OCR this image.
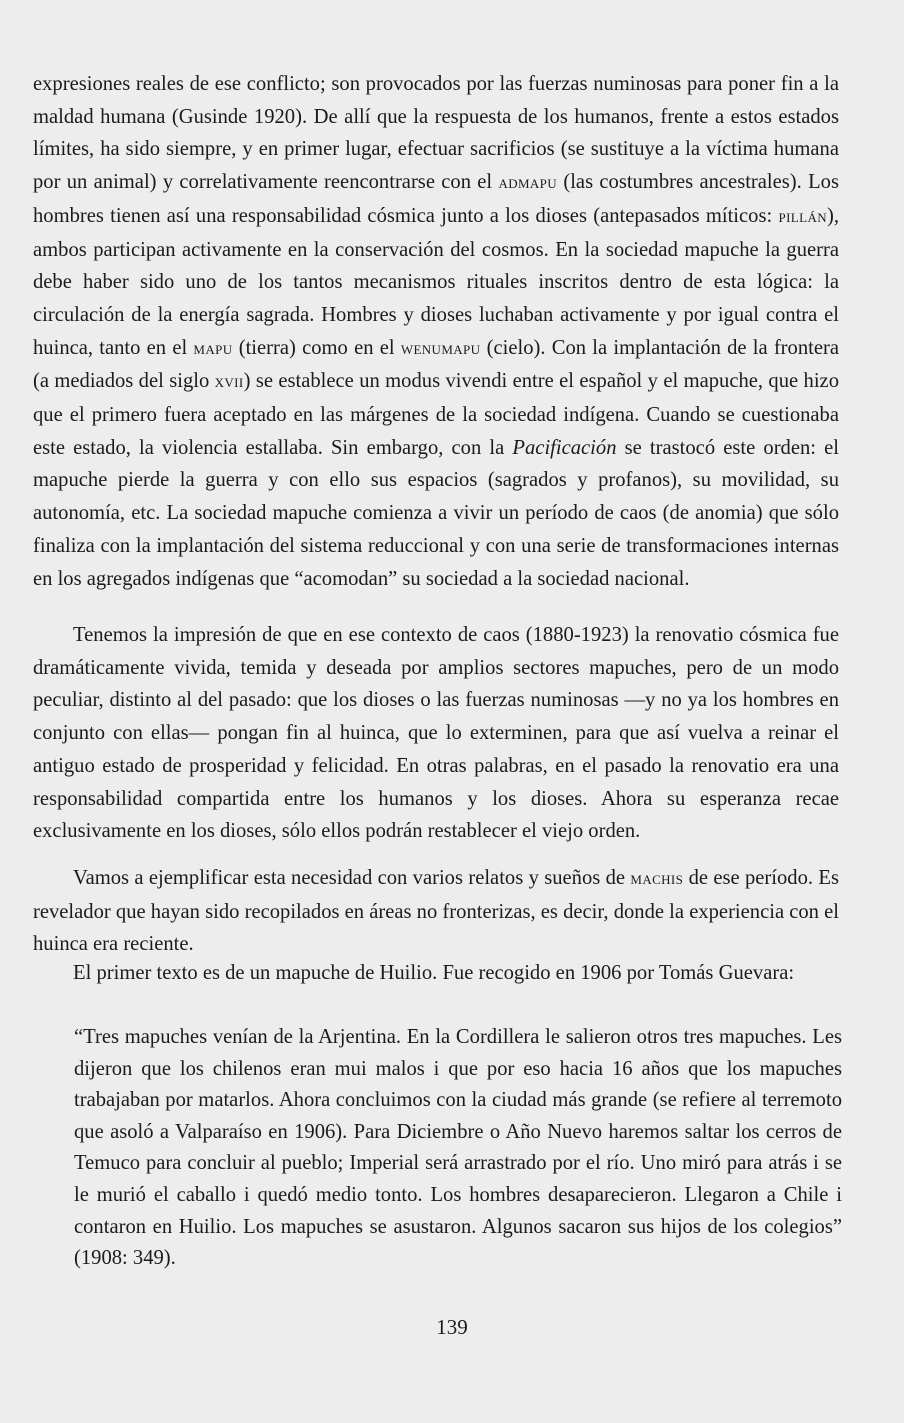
expresiones reales de ese conflicto; son provocados por las fuerzas numinosas para poner fin a la maldad humana (Gusinde 1920). De allí que la respuesta de los humanos, frente a estos estados límites, ha sido siempre, y en primer lugar, efectuar sacrificios (se sustituye a la víctima humana por un animal) y correlativamente reencontrarse con el admapu (las costumbres ancestrales). Los hombres tienen así una responsabilidad cósmica junto a los dioses (antepasados míticos: pillán), ambos participan activamente en la conservación del cosmos. En la sociedad mapuche la guerra debe haber sido uno de los tantos mecanismos rituales inscritos dentro de esta lógica: la circulación de la energía sagrada. Hombres y dioses luchaban activamente y por igual contra el huinca, tanto en el mapu (tierra) como en el wenumapu (cielo). Con la implantación de la frontera (a mediados del siglo xvii) se establece un modus vivendi entre el español y el mapuche, que hizo que el primero fuera aceptado en las márgenes de la sociedad indígena. Cuando se cuestionaba este estado, la violencia estallaba. Sin embargo, con la Pacificación se trastocó este orden: el mapuche pierde la guerra y con ello sus espacios (sagrados y profanos), su movilidad, su autonomía, etc. La sociedad mapuche comienza a vivir un período de caos (de anomia) que sólo finaliza con la implantación del sistema reduccional y con una serie de transformaciones internas en los agregados indígenas que “acomodan” su sociedad a la sociedad nacional.

Tenemos la impresión de que en ese contexto de caos (1880-1923) la renovatio cósmica fue dramáticamente vivida, temida y deseada por amplios sectores mapuches, pero de un modo peculiar, distinto al del pasado: que los dioses o las fuerzas numinosas —y no ya los hombres en conjunto con ellas— pongan fin al huinca, que lo exterminen, para que así vuelva a reinar el antiguo estado de prosperidad y felicidad. En otras palabras, en el pasado la renovatio era una responsabilidad compartida entre los humanos y los dioses. Ahora su esperanza recae exclusivamente en los dioses, sólo ellos podrán restablecer el viejo orden.

Vamos a ejemplificar esta necesidad con varios relatos y sueños de machis de ese período. Es revelador que hayan sido recopilados en áreas no fronterizas, es decir, donde la experiencia con el huinca era reciente.

El primer texto es de un mapuche de Huilio. Fue recogido en 1906 por Tomás Guevara:

“Tres mapuches venían de la Arjentina. En la Cordillera le salieron otros tres mapuches. Les dijeron que los chilenos eran mui malos i que por eso hacia 16 años que los mapuches trabajaban por matarlos. Ahora concluimos con la ciudad más grande (se refiere al terremoto que asoló a Valparaíso en 1906). Para Diciembre o Año Nuevo haremos saltar los cerros de Temuco para concluir al pueblo; Imperial será arrastrado por el río. Uno miró para atrás i se le murió el caballo i quedó medio tonto. Los hombres desaparecieron. Llegaron a Chile i contaron en Huilio. Los mapuches se asustaron. Algunos sacaron sus hijos de los colegios” (1908: 349).

139
